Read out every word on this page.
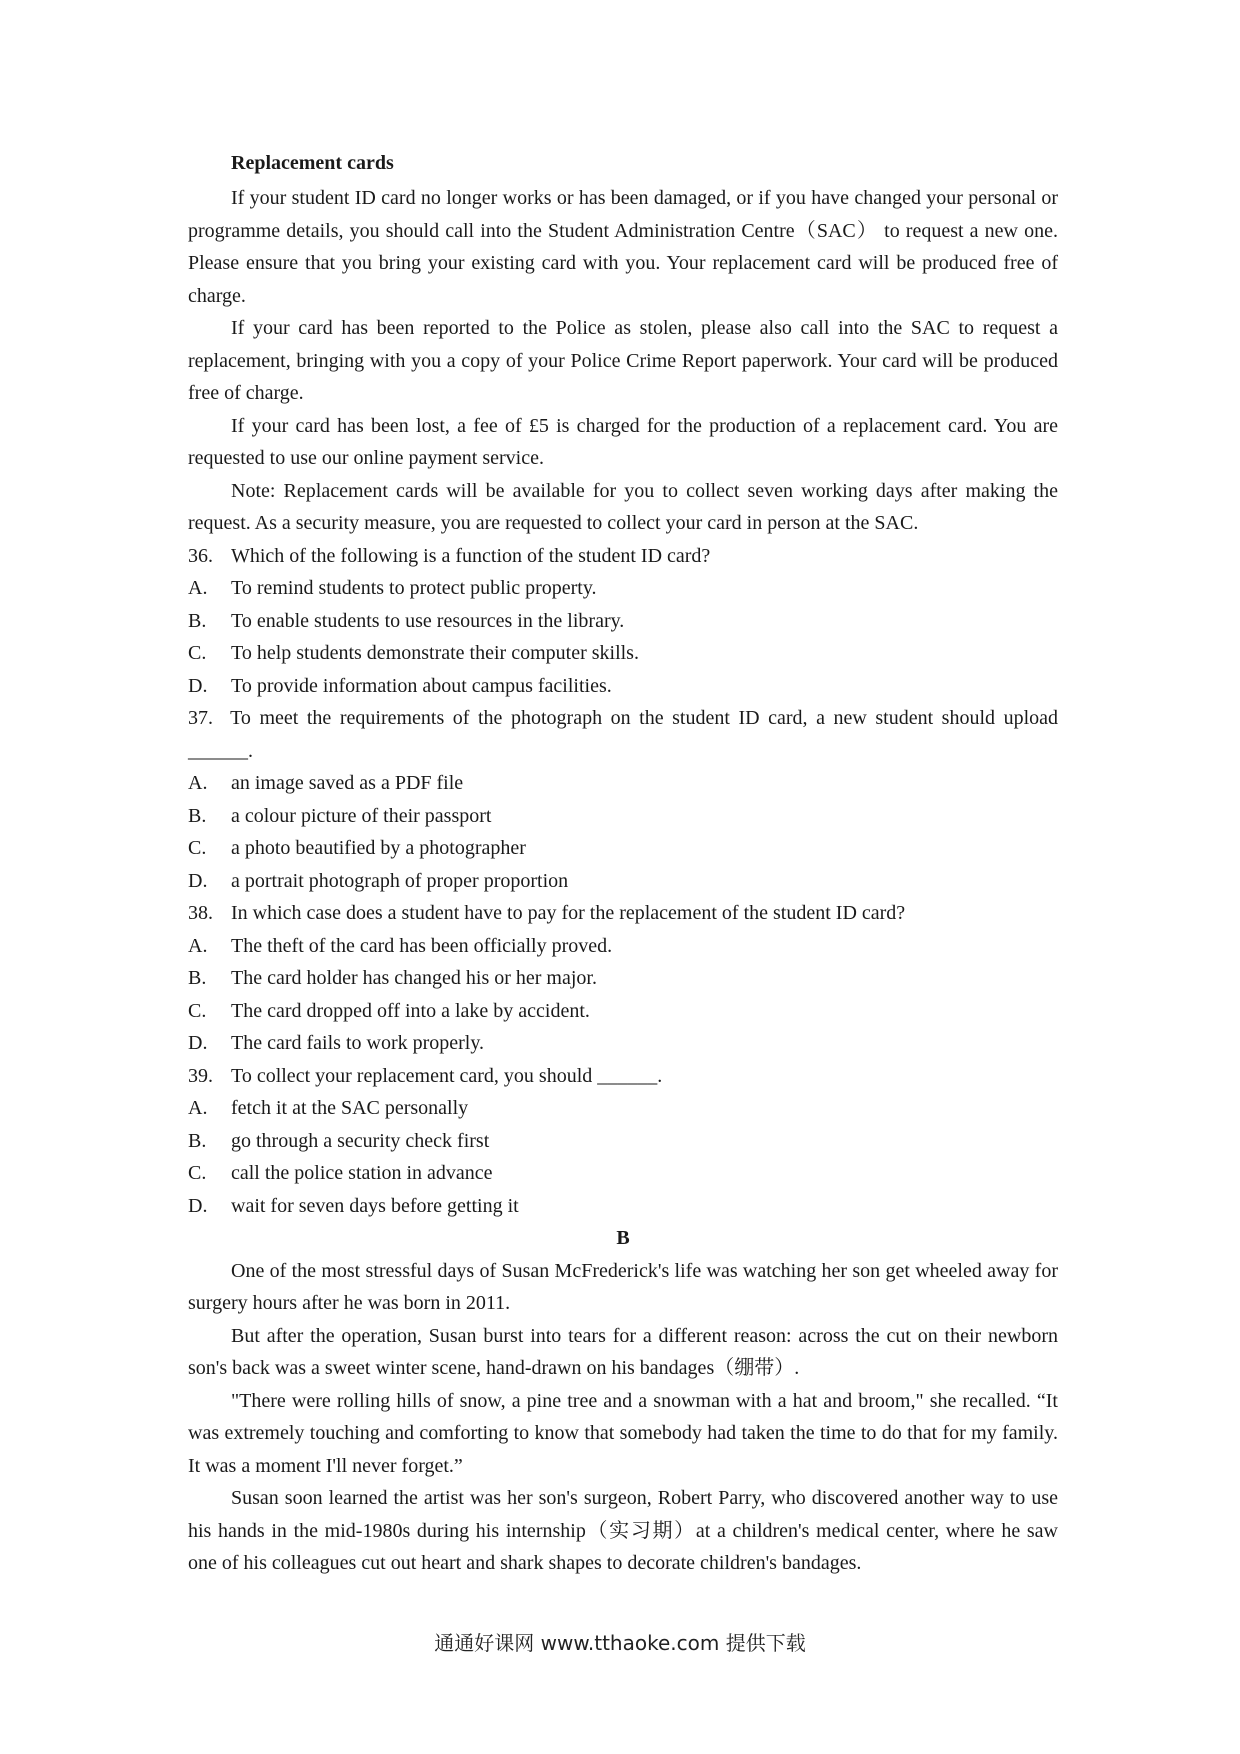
Replacement cards

If your student ID card no longer works or has been damaged, or if you have changed your personal or programme details, you should call into the Student Administration Centre（SAC） to request a new one. Please ensure that you bring your existing card with you. Your replacement card will be produced free of charge.

If your card has been reported to the Police as stolen, please also call into the SAC to request a replacement, bringing with you a copy of your Police Crime Report paperwork. Your card will be produced free of charge.

If your card has been lost, a fee of £5 is charged for the production of a replacement card. You are requested to use our online payment service.

Note: Replacement cards will be available for you to collect seven working days after making the request. As a security measure, you are requested to collect your card in person at the SAC.

36. Which of the following is a function of the student ID card?

A. To remind students to protect public property.

B. To enable students to use resources in the library.

C. To help students demonstrate their computer skills.

D. To provide information about campus facilities.

37. To meet the requirements of the photograph on the student ID card, a new student should upload ______.

A. an image saved as a PDF file

B. a colour picture of their passport

C. a photo beautified by a photographer

D. a portrait photograph of proper proportion

38. In which case does a student have to pay for the replacement of the student ID card?

A. The theft of the card has been officially proved.

B. The card holder has changed his or her major.

C. The card dropped off into a lake by accident.

D. The card fails to work properly.

39. To collect your replacement card, you should ______.

A. fetch it at the SAC personally

B. go through a security check first

C. call the police station in advance

D. wait for seven days before getting it

B

One of the most stressful days of Susan McFrederick's life was watching her son get wheeled away for surgery hours after he was born in 2011.

But after the operation, Susan burst into tears for a different reason: across the cut on their newborn son's back was a sweet winter scene, hand-drawn on his bandages（绷带）.

"There were rolling hills of snow, a pine tree and a snowman with a hat and broom," she recalled. “It was extremely touching and comforting to know that somebody had taken the time to do that for my family. It was a moment I'll never forget.”

Susan soon learned the artist was her son's surgeon, Robert Parry, who discovered another way to use his hands in the mid-1980s during his internship（实习期）at a children's medical center, where he saw one of his colleagues cut out heart and shark shapes to decorate children's bandages.

通通好课网 www.tthaoke.com 提供下载
